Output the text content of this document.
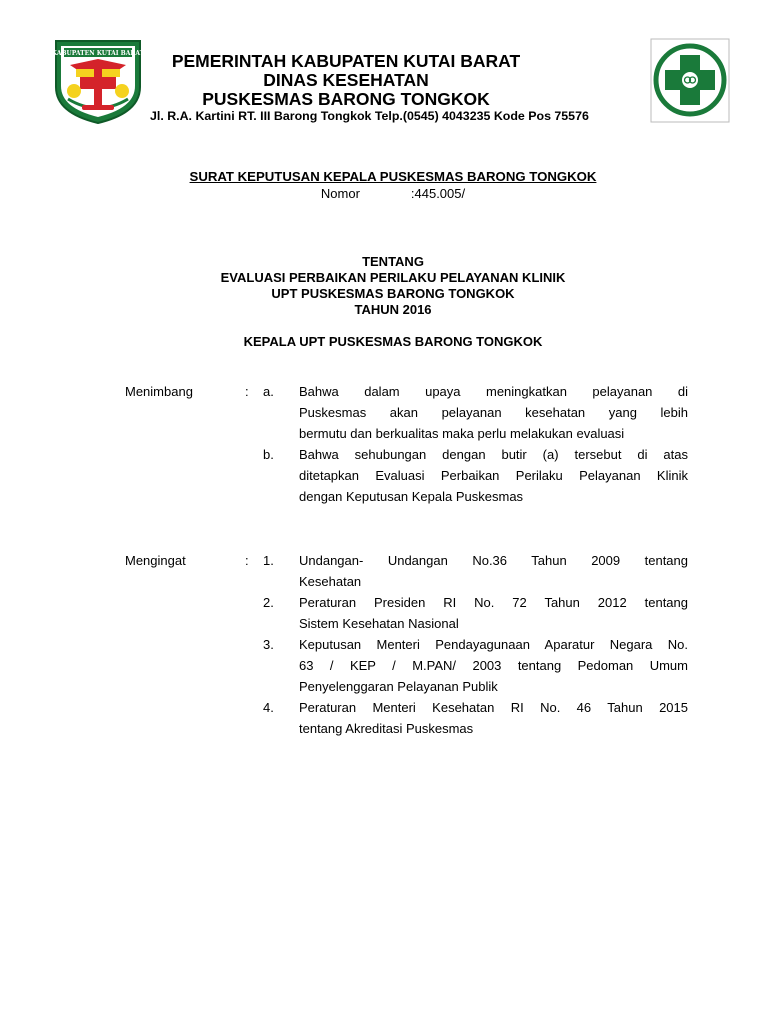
KABUPATEN KUTAI BARAT	PEMERINTAH KABUPATEN KUTAI BARAT
DINAS KESEHATAN
PUSKESMAS BARONG TONGKOK
Jl. R.A. Kartini RT. III Barong Tongkok Telp.(0545) 4043235 Kode Pos 75576
SURAT KEPUTUSAN KEPALA PUSKESMAS BARONG TONGKOK
Nomor	:445.005/
TENTANG
EVALUASI PERBAIKAN PERILAKU PELAYANAN KLINIK
UPT PUSKESMAS BARONG TONGKOK
TAHUN 2016
KEPALA UPT PUSKESMAS BARONG TONGKOK
Menimbang	: a.	Bahwa dalam upaya meningkatkan pelayanan di
Puskesmas akan pelayanan kesehatan yang lebih
bermutu dan berkualitas maka perlu melakukan evaluasi
b.	Bahwa sehubungan dengan butir (a) tersebut di atas
ditetapkan Evaluasi Perbaikan Perilaku Pelayanan Klinik
dengan Keputusan Kepala Puskesmas
Mengingat	: 1.	Undangan- Undangan No.36 Tahun 2009 tentang
Kesehatan
2.	Peraturan Presiden RI No. 72 Tahun 2012 tentang
Sistem Kesehatan Nasional
3.	Keputusan Menteri Pendayagunaan Aparatur Negara No.
63 / KEP / M.PAN/ 2003 tentang Pedoman Umum
Penyelenggaran Pelayanan Publik
4.	Peraturan Menteri Kesehatan RI No. 46 Tahun 2015
tentang Akreditasi Puskesmas
